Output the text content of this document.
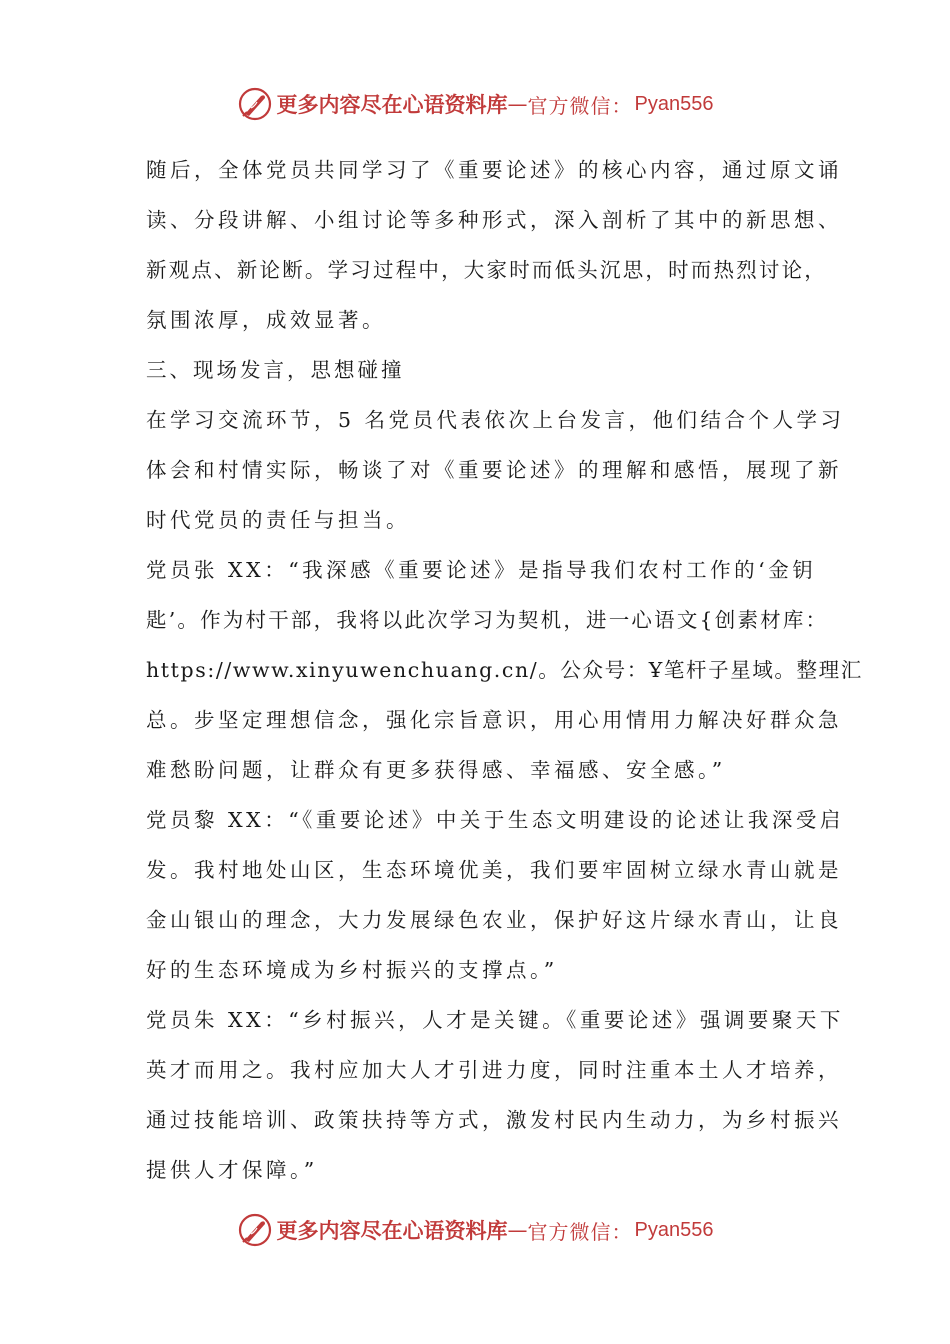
更多内容尽在心语资料库 — 官方微信： Pyan556
随后，全体党员共同学习了《重要论述》的核心内容，通过原文诵
读、分段讲解、小组讨论等多种形式，深入剖析了其中的新思想、
新观点、新论断。学习过程中，大家时而低头沉思，时而热烈讨论，
氛围浓厚，成效显著。
三、现场发言，思想碰撞
在学习交流环节，5 名党员代表依次上台发言，他们结合个人学习
体会和村情实际，畅谈了对《重要论述》的理解和感悟，展现了新
时代党员的责任与担当。
党员张 XX：“我深感《重要论述》是指导我们农村工作的‘金钥
匙’。作为村干部，我将以此次学习为契机，进一心语文{创素材库：
https://www.xinyuwenchuang.cn/。公众号：Ұ笔杆子星域。整理汇
总。步坚定理想信念，强化宗旨意识，用心用情用力解决好群众急
难愁盼问题，让群众有更多获得感、幸福感、安全感。”
党员黎 XX：“《重要论述》中关于生态文明建设的论述让我深受启
发。我村地处山区，生态环境优美，我们要牢固树立绿水青山就是
金山银山的理念，大力发展绿色农业，保护好这片绿水青山，让良
好的生态环境成为乡村振兴的支撑点。”
党员朱 XX：“乡村振兴，人才是关键。《重要论述》强调要聚天下
英才而用之。我村应加大人才引进力度，同时注重本土人才培养，
通过技能培训、政策扶持等方式，激发村民内生动力，为乡村振兴
提供人才保障。”
更多内容尽在心语资料库 — 官方微信： Pyan556
